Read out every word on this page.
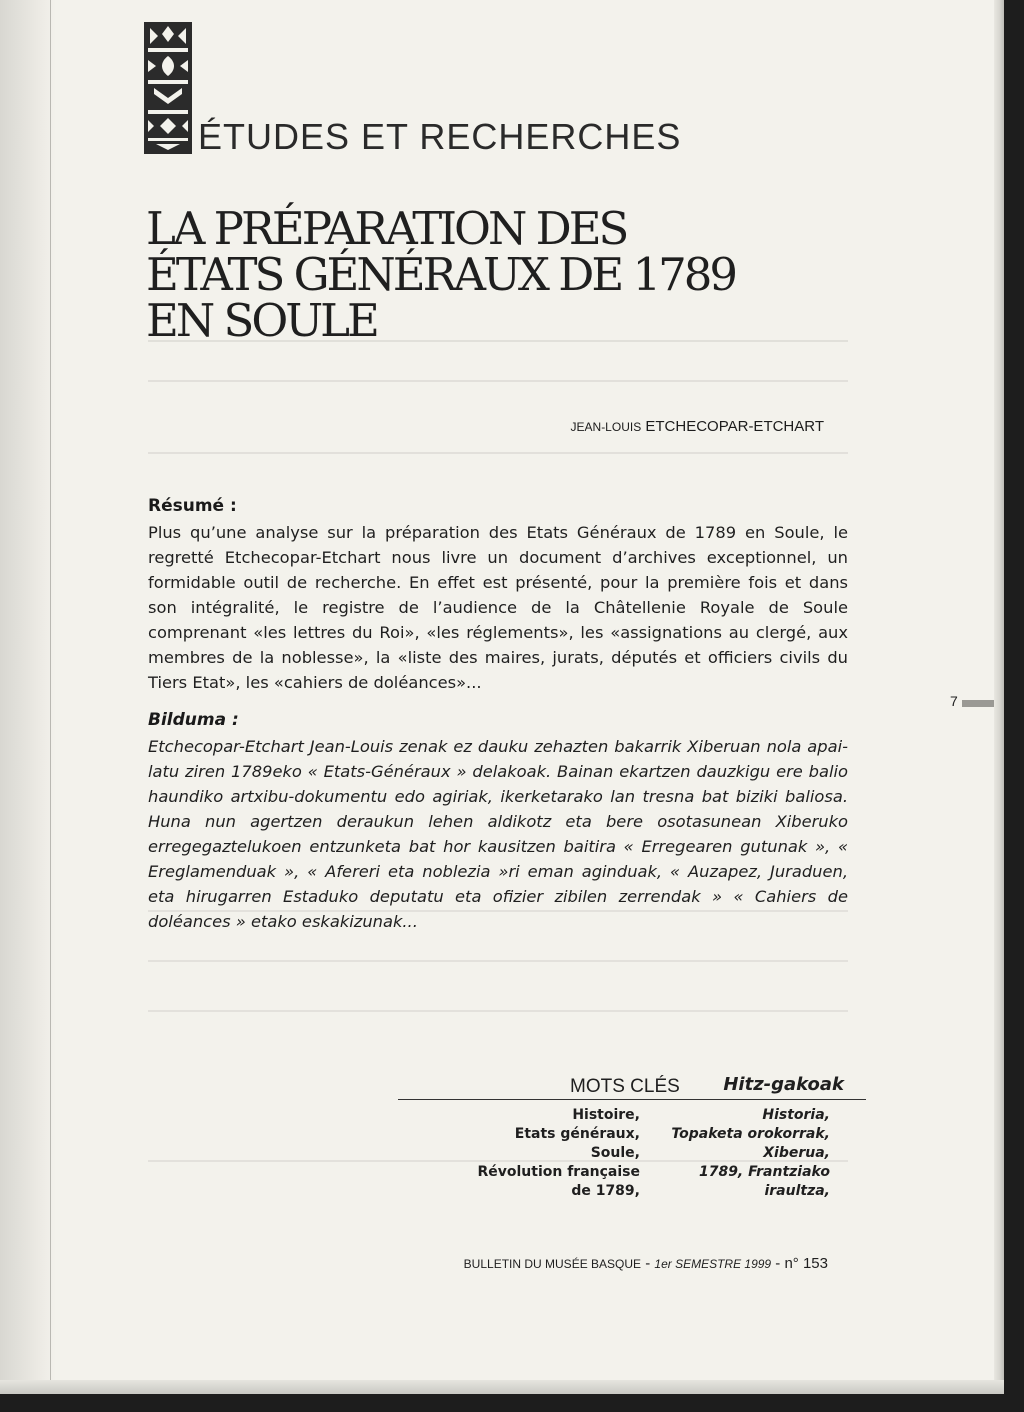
ÉTUDES ET RECHERCHES
LA PRÉPARATION DES
ÉTATS GÉNÉRAUX DE 1789
EN SOULE
JEAN-LOUIS ETCHECOPAR-ETCHART
Résumé :
Plus qu’une analyse sur la préparation des Etats Généraux de 1789 en Soule, le regretté Etchecopar-Etchart nous livre un document d’archives exceptionnel, un formidable outil de recherche. En effet est présenté, pour la première fois et dans son intégralité, le registre de l’audience de la Châtellenie Royale de Soule comprenant «les lettres du Roi», «les réglements», les «assignations au clergé, aux membres de la noblesse», la «liste des maires, jurats, députés et officiers civils du Tiers Etat», les «cahiers de doléances»...
Bilduma :
Etchecopar-Etchart Jean-Louis zenak ez dauku zehazten bakarrik Xiberuan nola apailatu ziren 1789eko « Etats-Généraux » delakoak. Bainan ekartzen dauzkigu ere balio haundiko artxibu-dokumentu edo agiriak, ikerketarako lan tresna bat biziki baliosa. Huna nun agertzen deraukun lehen aldikotz eta bere osotasunean Xiberuko erregegaztelukoen entzunketa bat hor kausitzen baitira « Erregearen gutunak », « Ereglamenduak », « Afereri eta noblezia »ri eman aginduak, « Auzapez, Juraduen, eta hirugarren Estaduko deputatu eta ofizier zibilen zerrendak » « Cahiers de doléances » etako eskakizunak...
7
MOTS CLÉS Hitz-gakoak
Histoire,
Etats généraux,
Soule,
Révolution française
de 1789,
Historia,
Topaketa orokorrak,
Xiberua,
1789, Frantziako
iraultza,
BULLETIN DU MUSÉE BASQUE - 1er SEMESTRE 1999 - n° 153
